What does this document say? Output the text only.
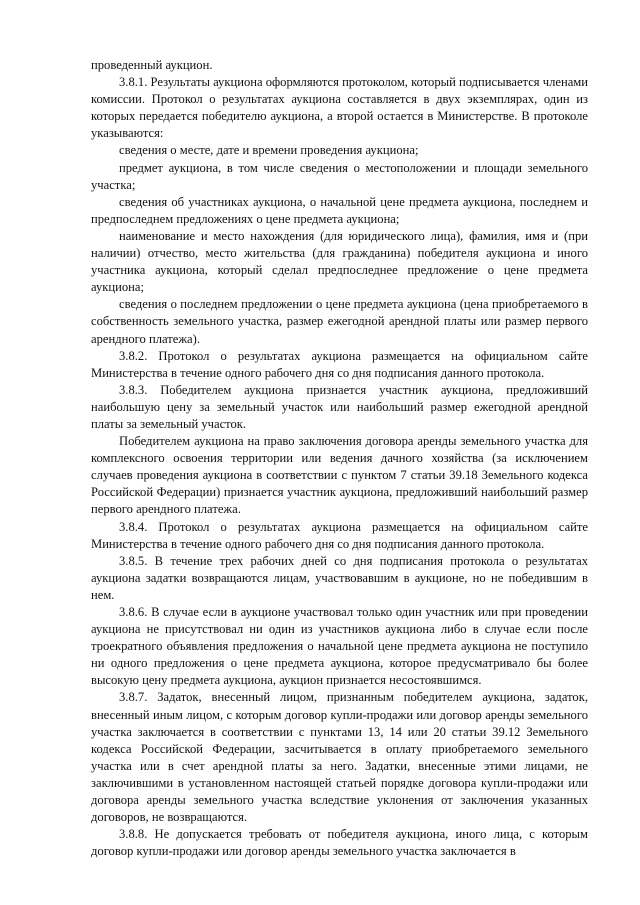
проведенный аукцион.

3.8.1. Результаты аукциона оформляются протоколом, который подписывается членами комиссии. Протокол о результатах аукциона составляется в двух экземплярах, один из которых передается победителю аукциона, а второй остается в Министерстве. В протоколе указываются:

сведения о месте, дате и времени проведения аукциона;

предмет аукциона, в том числе сведения о местоположении и площади земельного участка;

сведения об участниках аукциона, о начальной цене предмета аукциона, последнем и предпоследнем предложениях о цене предмета аукциона;

наименование и место нахождения (для юридического лица), фамилия, имя и (при наличии) отчество, место жительства (для гражданина) победителя аукциона и иного участника аукциона, который сделал предпоследнее предложение о цене предмета аукциона;

сведения о последнем предложении о цене предмета аукциона (цена приобретаемого в собственность земельного участка, размер ежегодной арендной платы или размер первого арендного платежа).

3.8.2. Протокол о результатах аукциона размещается на официальном сайте Министерства в течение одного рабочего дня со дня подписания данного протокола.

3.8.3. Победителем аукциона признается участник аукциона, предложивший наибольшую цену за земельный участок или наибольший размер ежегодной арендной платы за земельный участок.

Победителем аукциона на право заключения договора аренды земельного участка для комплексного освоения территории или ведения дачного хозяйства (за исключением случаев проведения аукциона в соответствии с пунктом 7 статьи 39.18 Земельного кодекса Российской Федерации) признается участник аукциона, предложивший наибольший размер первого арендного платежа.

3.8.4. Протокол о результатах аукциона размещается на официальном сайте Министерства в течение одного рабочего дня со дня подписания данного протокола.

3.8.5. В течение трех рабочих дней со дня подписания протокола о результатах аукциона задатки возвращаются лицам, участвовавшим в аукционе, но не победившим в нем.

3.8.6. В случае если в аукционе участвовал только один участник или при проведении аукциона не присутствовал ни один из участников аукциона либо в случае если после троекратного объявления предложения о начальной цене предмета аукциона не поступило ни одного предложения о цене предмета аукциона, которое предусматривало бы более высокую цену предмета аукциона, аукцион признается несостоявшимся.

3.8.7. Задаток, внесенный лицом, признанным победителем аукциона, задаток, внесенный иным лицом, с которым договор купли-продажи или договор аренды земельного участка заключается в соответствии с пунктами 13, 14 или 20 статьи 39.12 Земельного кодекса Российской Федерации, засчитывается в оплату приобретаемого земельного участка или в счет арендной платы за него. Задатки, внесенные этими лицами, не заключившими в установленном настоящей статьей порядке договора купли-продажи или договора аренды земельного участка вследствие уклонения от заключения указанных договоров, не возвращаются.

3.8.8. Не допускается требовать от победителя аукциона, иного лица, с которым договор купли-продажи или договор аренды земельного участка заключается в
